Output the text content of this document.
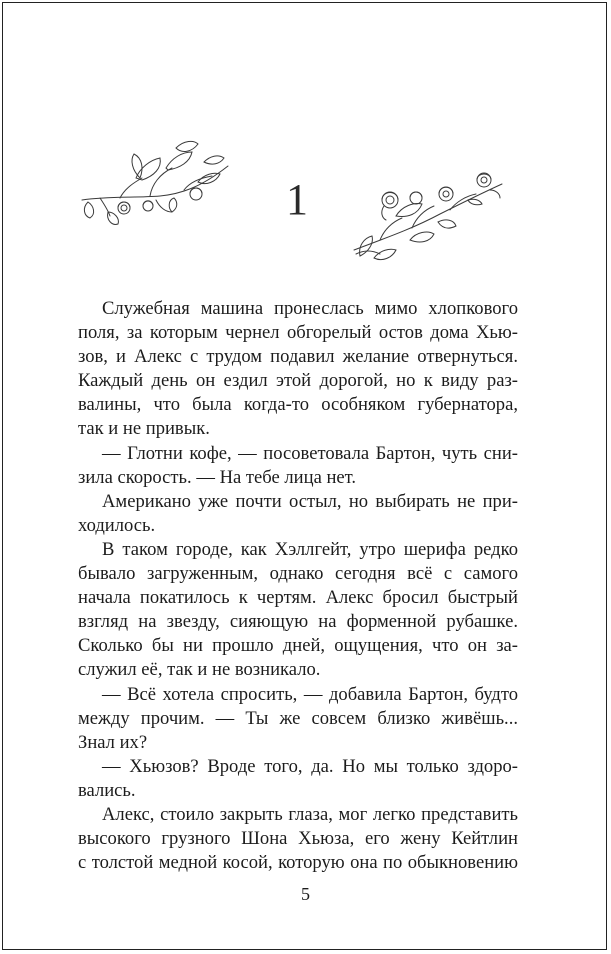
1
Служебная машина пронеслась мимо хлопкового
поля, за которым чернел обгорелый остов дома Хью-
зов, и Алекс с трудом подавил желание отвернуться.
Каждый день он ездил этой дорогой, но к виду раз-
валины, что была когда-то особняком губернатора,
так и не привык.
— Глотни кофе, — посоветовала Бартон, чуть сни-
зила скорость. — На тебе лица нет.
Американо уже почти остыл, но выбирать не при-
ходилось.
В таком городе, как Хэллгейт, утро шерифа редко
бывало загруженным, однако сегодня всё с самого
начала покатилось к чертям. Алекс бросил быстрый
взгляд на звезду, сияющую на форменной рубашке.
Сколько бы ни прошло дней, ощущения, что он за-
служил её, так и не возникало.
— Всё хотела спросить, — добавила Бартон, будто
между прочим. — Ты же совсем близко живёшь...
Знал их?
— Хьюзов? Вроде того, да. Но мы только здоро-
вались.
Алекс, стоило закрыть глаза, мог легко представить
высокого грузного Шона Хьюза, его жену Кейтлин
с толстой медной косой, которую она по обыкновению
5
